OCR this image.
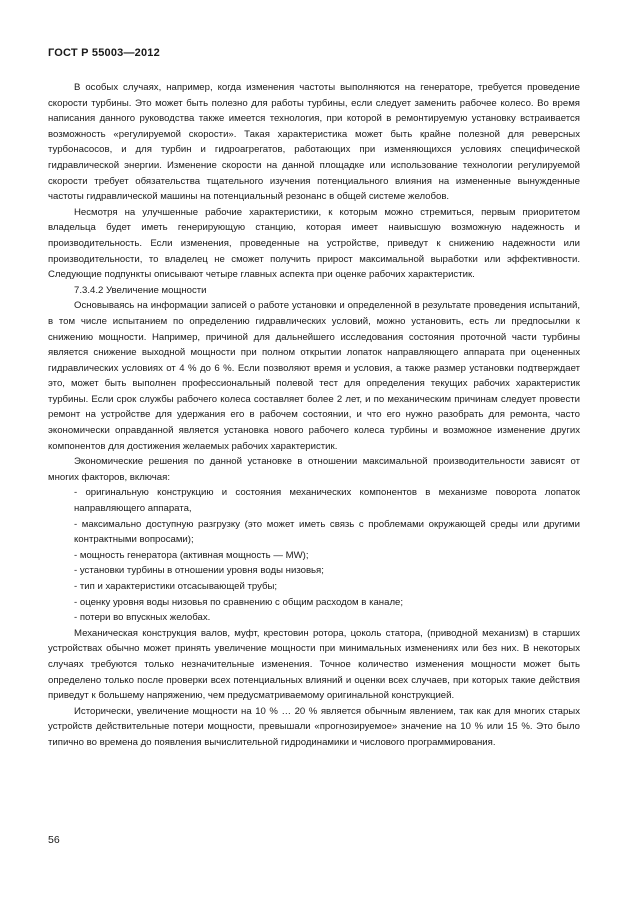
ГОСТ Р 55003—2012

В особых случаях, например, когда изменения частоты выполняются на генераторе, требуется проведение скорости турбины. Это может быть полезно для работы турбины, если следует заменить рабочее колесо. Во время написания данного руководства также имеется технология, при которой в ремонтируемую установку встраивается возможность «регулируемой скорости». Такая характеристика может быть крайне полезной для реверсных турбонасосов, и для турбин и гидроагрегатов, работающих при изменяющихся условиях специфической гидравлической энергии. Изменение скорости на данной площадке или использование технологии регулируемой скорости требует обязательства тщательного изучения потенциального влияния на измененные вынужденные частоты гидравлической машины на потенциальный резонанс в общей системе желобов.

Несмотря на улучшенные рабочие характеристики, к которым можно стремиться, первым приоритетом владельца будет иметь генерирующую станцию, которая имеет наивысшую возможную надежность и производительность. Если изменения, проведенные на устройстве, приведут к снижению надежности или производительности, то владелец не сможет получить прирост максимальной выработки или эффективности. Следующие подпункты описывают четыре главных аспекта при оценке рабочих характеристик.

7.3.4.2 Увеличение мощности

Основываясь на информации записей о работе установки и определенной в результате проведения испытаний, в том числе испытанием по определению гидравлических условий, можно установить, есть ли предпосылки к снижению мощности. Например, причиной для дальнейшего исследования состояния проточной части турбины является снижение выходной мощности при полном открытии лопаток направляющего аппарата при оцененных гидравлических условиях от 4 % до 6 %. Если позволяют время и условия, а также размер установки подтверждает это, может быть выполнен профессиональный полевой тест для определения текущих рабочих характеристик турбины. Если срок службы рабочего колеса составляет более 2 лет, и по механическим причинам следует провести ремонт на устройстве для удержания его в рабочем состоянии, и что его нужно разобрать для ремонта, часто экономически оправданной является установка нового рабочего колеса турбины и возможное изменение других компонентов для достижения желаемых рабочих характеристик.

Экономические решения по данной установке в отношении максимальной производительности зависят от многих факторов, включая:

- оригинальную конструкцию и состояния механических компонентов в механизме поворота лопаток направляющего аппарата,

- максимально доступную разгрузку (это может иметь связь с проблемами окружающей среды или другими контрактными вопросами);

- мощность генератора (активная мощность — MW);

- установки турбины в отношении уровня воды низовья;

- тип и характеристики отсасывающей трубы;

- оценку уровня воды низовья по сравнению с общим расходом в канале;

- потери во впускных желобах.

Механическая конструкция валов, муфт, крестовин ротора, цоколь статора, (приводной механизм) в старших устройствах обычно может принять увеличение мощности при минимальных изменениях или без них. В некоторых случаях требуются только незначительные изменения. Точное количество изменения мощности может быть определено только после проверки всех потенциальных влияний и оценки всех случаев, при которых такие действия приведут к большему напряжению, чем предусматриваемому оригинальной конструкцией.

Исторически, увеличение мощности на 10 % … 20 % является обычным явлением, так как для многих старых устройств действительные потери мощности, превышали «прогнозируемое» значение на 10 % или 15 %. Это было типично во времена до появления вычислительной гидродинамики и числового программирования.

56
